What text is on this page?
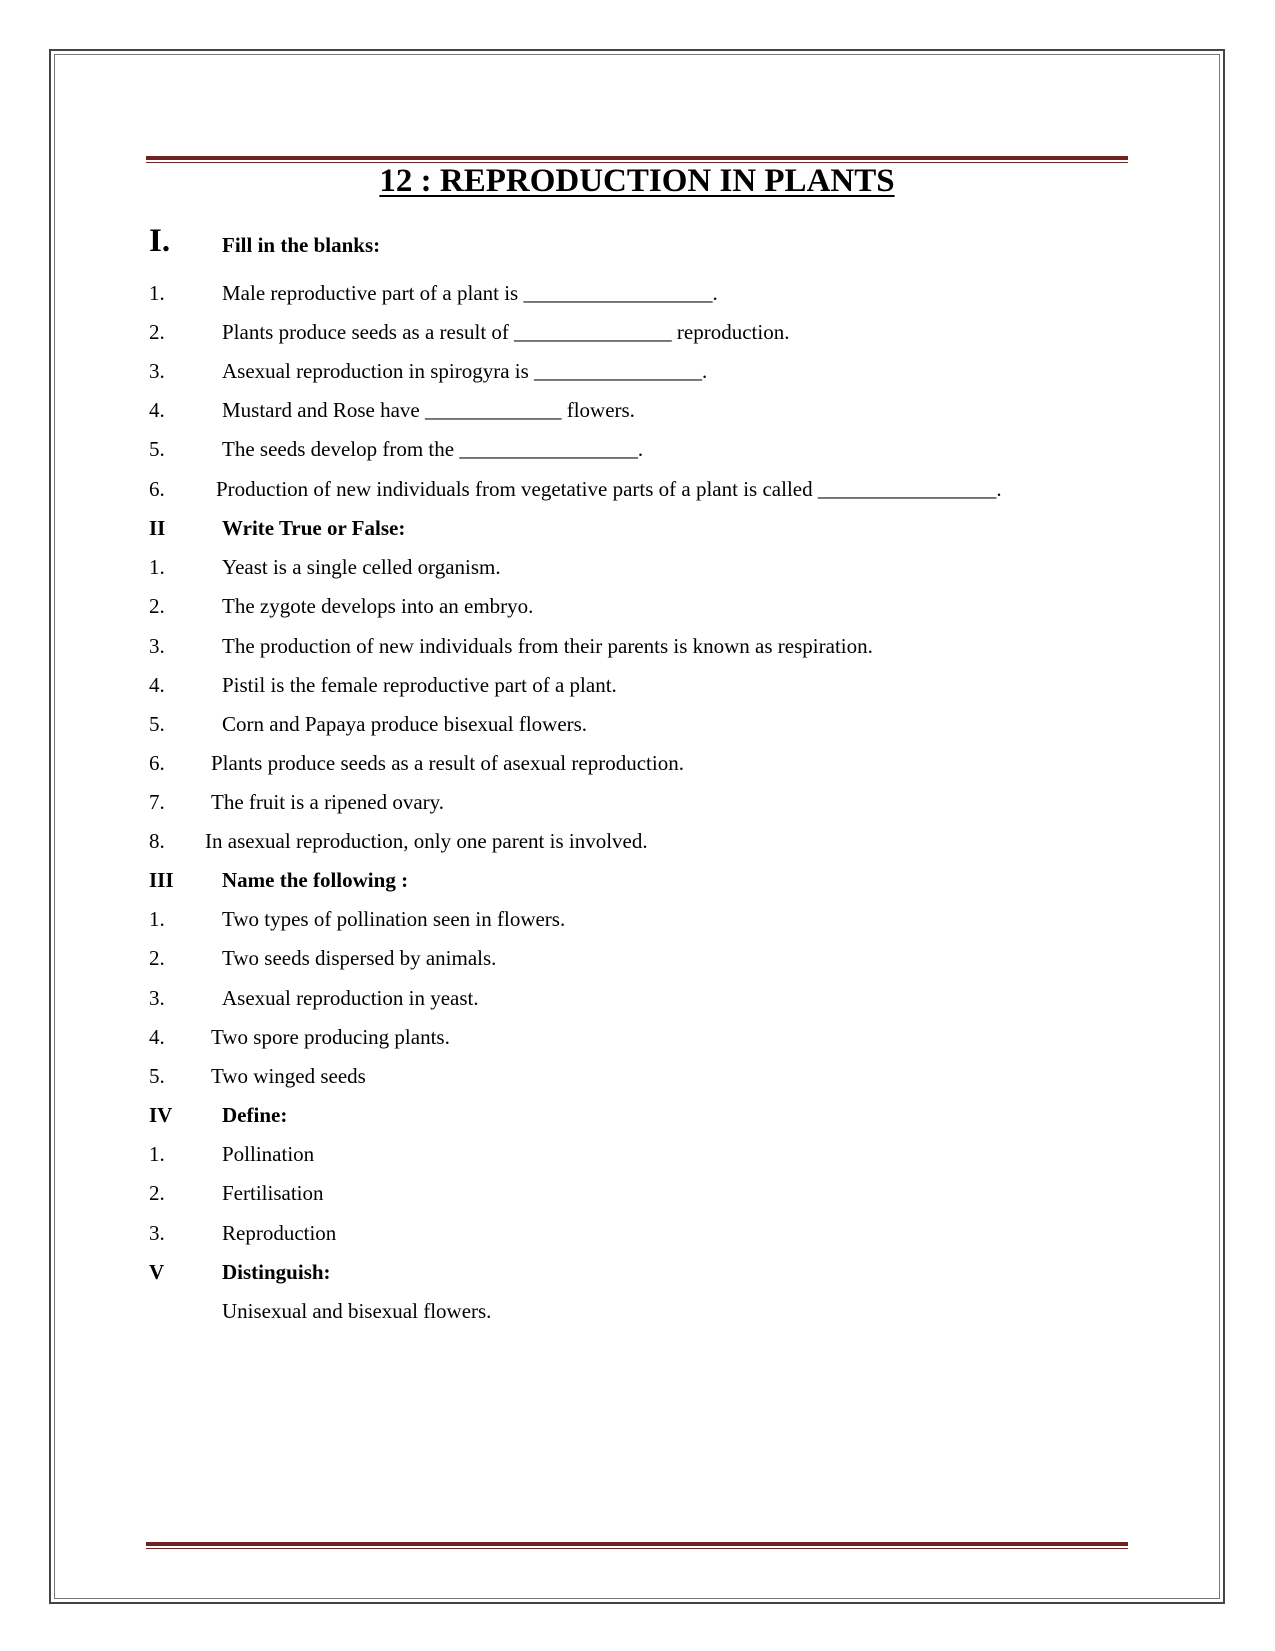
12 : REPRODUCTION IN PLANTS
I. Fill in the blanks:
1.	Male reproductive part of a plant is __________________.
2.	Plants produce seeds as a result of _______________ reproduction.
3.	Asexual reproduction in spirogyra is ________________.
4.	Mustard and Rose have _____________ flowers.
5.	The seeds develop from the _________________.
6. Production of new individuals from vegetative parts of a plant is called _________________.
II	Write True or False:
1.	Yeast is a single celled organism.
2.	The zygote develops into an embryo.
3.	The production of new individuals from their parents is known as respiration.
4.	Pistil is the female reproductive part of a plant.
5.	Corn and Papaya produce bisexual flowers.
6. Plants produce seeds as a result of asexual reproduction.
7. The fruit is a ripened ovary.
8. In asexual reproduction, only one parent is involved.
III Name the following :
1.	Two types of pollination seen in flowers.
2.	Two seeds dispersed by animals.
3.	Asexual reproduction in yeast.
4. Two spore producing plants.
5. Two winged seeds
IV Define:
1.	Pollination
2.	Fertilisation
3.	Reproduction
V	Distinguish:
Unisexual and bisexual flowers.
